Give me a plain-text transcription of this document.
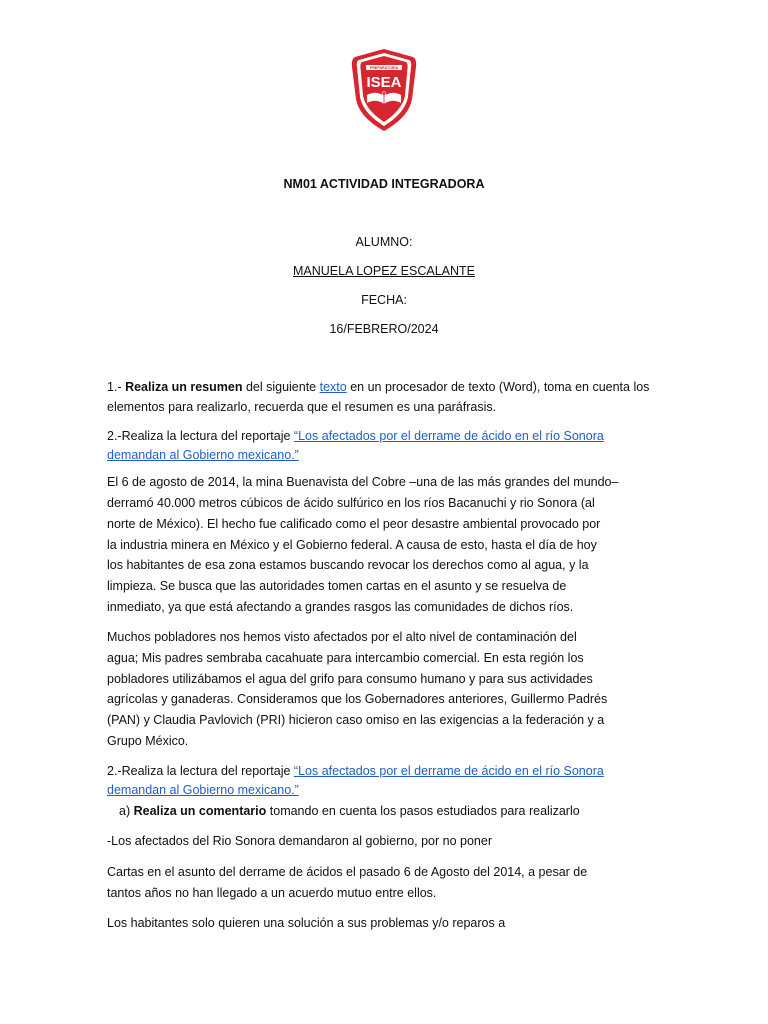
PREPARATORIA
ISEA
NM01 ACTIVIDAD INTEGRADORA
ALUMNO:
MANUELA LOPEZ ESCALANTE
FECHA:
16/FEBRERO/2024
1.- Realiza un resumen del siguiente texto en un procesador de texto (Word), toma en cuenta los
elementos para realizarlo, recuerda que el resumen es una paráfrasis.
2.-Realiza la lectura del reportaje “Los afectados por el derrame de ácido en el río Sonora
demandan al Gobierno mexicano.”
El 6 de agosto de 2014, la mina Buenavista del Cobre –una de las más grandes del mundo–
derramó 40.000 metros cúbicos de ácido sulfúrico en los ríos Bacanuchi y rio Sonora (al
norte de México). El hecho fue calificado como el peor desastre ambiental provocado por
la industria minera en México y el Gobierno federal. A causa de esto, hasta el día de hoy
los habitantes de esa zona estamos buscando revocar los derechos como al agua, y la
limpieza. Se busca que las autoridades tomen cartas en el asunto y se resuelva de
inmediato, ya que está afectando a grandes rasgos las comunidades de dichos ríos.
Muchos pobladores nos hemos visto afectados por el alto nivel de contaminación del
agua; Mis padres sembraba cacahuate para intercambio comercial. En esta región los
pobladores utilizábamos el agua del grifo para consumo humano y para sus actividades
agrícolas y ganaderas. Consideramos que los Gobernadores anteriores, Guillermo Padrés
(PAN) y Claudia Pavlovich (PRI) hicieron caso omiso en las exigencias a la federación y a
Grupo México.
2.-Realiza la lectura del reportaje “Los afectados por el derrame de ácido en el río Sonora
demandan al Gobierno mexicano.”
a) Realiza un comentario tomando en cuenta los pasos estudiados para realizarlo
-Los afectados del Rio Sonora demandaron al gobierno, por no poner
Cartas en el asunto del derrame de ácidos el pasado 6 de Agosto del 2014, a pesar de
tantos años no han llegado a un acuerdo mutuo entre ellos.
Los habitantes solo quieren una solución a sus problemas y/o reparos a
